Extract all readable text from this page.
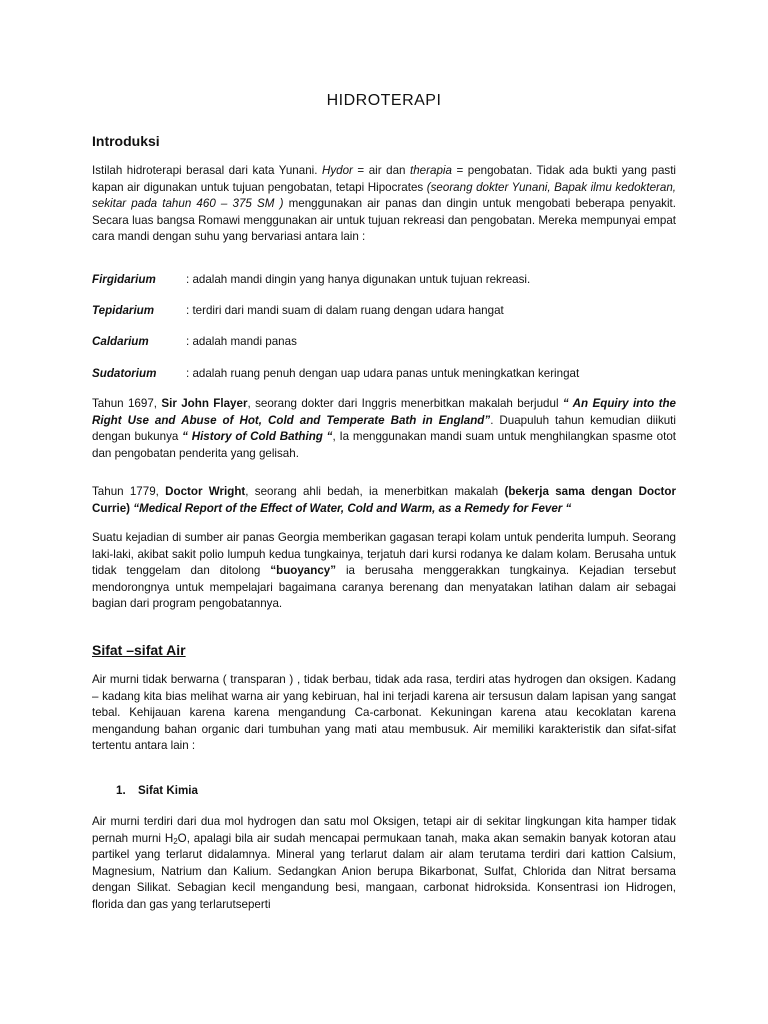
HIDROTERAPI
Introduksi
Istilah hidroterapi berasal dari kata Yunani. Hydor = air dan therapia = pengobatan. Tidak ada bukti yang pasti kapan air digunakan untuk tujuan pengobatan, tetapi Hipocrates (seorang dokter Yunani, Bapak ilmu kedokteran, sekitar pada tahun 460 – 375 SM ) menggunakan air panas dan dingin untuk mengobati beberapa penyakit. Secara luas bangsa Romawi menggunakan air untuk tujuan rekreasi dan pengobatan. Mereka mempunyai empat cara mandi dengan suhu yang bervariasi antara lain :
Firgidarium	: adalah mandi dingin yang hanya digunakan untuk tujuan rekreasi.
Tepidarium	: terdiri dari mandi suam di dalam ruang dengan udara hangat
Caldarium	: adalah mandi panas
Sudatorium	: adalah ruang penuh dengan uap udara panas untuk meningkatkan keringat
Tahun 1697, Sir John Flayer, seorang dokter dari Inggris menerbitkan makalah berjudul “ An Equiry into the Right Use and Abuse of Hot, Cold and Temperate Bath in England”. Duapuluh tahun kemudian diikuti dengan bukunya “ History of Cold Bathing “, Ia menggunakan mandi suam untuk menghilangkan spasme otot dan pengobatan penderita yang gelisah.
Tahun 1779, Doctor Wright, seorang ahli bedah, ia menerbitkan makalah (bekerja sama dengan Doctor Currie) “Medical Report of the Effect of Water, Cold and Warm, as a Remedy for Fever “
Suatu kejadian di sumber air panas Georgia memberikan gagasan terapi kolam untuk penderita lumpuh. Seorang laki-laki, akibat sakit polio lumpuh kedua tungkainya, terjatuh dari kursi rodanya ke dalam kolam. Berusaha untuk tidak tenggelam dan ditolong “buoyancy” ia berusaha menggerakkan tungkainya. Kejadian tersebut mendorongnya untuk mempelajari bagaimana caranya berenang dan menyatakan latihan dalam air sebagai bagian dari program pengobatannya.
Sifat –sifat Air
Air murni tidak berwarna ( transparan ) , tidak berbau, tidak ada rasa, terdiri atas hydrogen dan oksigen. Kadang – kadang kita bias melihat warna air yang kebiruan, hal ini terjadi karena air tersusun dalam lapisan yang sangat tebal. Kehijauan karena karena mengandung Ca-carbonat. Kekuningan karena atau kecoklatan karena mengandung bahan organic dari tumbuhan yang mati atau membusuk. Air memiliki karakteristik dan sifat-sifat tertentu antara lain :
1. Sifat Kimia
Air murni terdiri dari dua mol hydrogen dan satu mol Oksigen, tetapi air di sekitar lingkungan kita hamper tidak pernah murni $H_2O$, apalagi bila air sudah mencapai permukaan tanah, maka akan semakin banyak kotoran atau partikel yang terlarut didalamnya. Mineral yang terlarut dalam air alam terutama terdiri dari kattion Calsium, Magnesium, Natrium dan Kalium. Sedangkan Anion berupa Bikarbonat, Sulfat, Chlorida dan Nitrat bersama dengan Silikat. Sebagian kecil mengandung besi, mangaan, carbonat hidroksida. Konsentrasi ion Hidrogen, florida dan gas yang terlarutseperti
